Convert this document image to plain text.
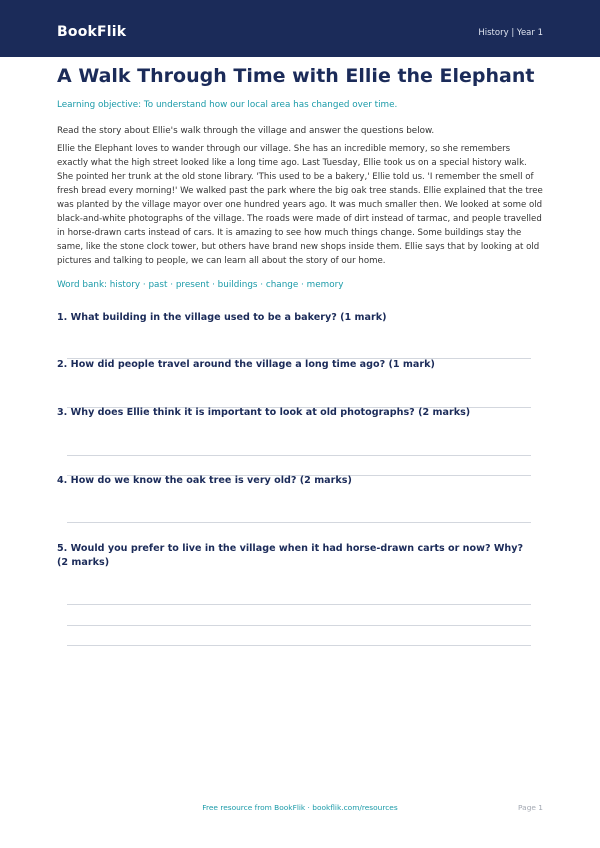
BookFlik	History | Year 1
A Walk Through Time with Ellie the Elephant
Learning objective: To understand how our local area has changed over time.
Read the story about Ellie's walk through the village and answer the questions below.
Ellie the Elephant loves to wander through our village. She has an incredible memory, so she remembers exactly what the high street looked like a long time ago. Last Tuesday, Ellie took us on a special history walk. She pointed her trunk at the old stone library. 'This used to be a bakery,' Ellie told us. 'I remember the smell of fresh bread every morning!' We walked past the park where the big oak tree stands. Ellie explained that the tree was planted by the village mayor over one hundred years ago. It was much smaller then. We looked at some old black-and-white photographs of the village. The roads were made of dirt instead of tarmac, and people travelled in horse-drawn carts instead of cars. It is amazing to see how much things change. Some buildings stay the same, like the stone clock tower, but others have brand new shops inside them. Ellie says that by looking at old pictures and talking to people, we can learn all about the story of our home.
Word bank: history · past · present · buildings · change · memory
1. What building in the village used to be a bakery? (1 mark)
2. How did people travel around the village a long time ago? (1 mark)
3. Why does Ellie think it is important to look at old photographs? (2 marks)
4. How do we know the oak tree is very old? (2 marks)
5. Would you prefer to live in the village when it had horse-drawn carts or now? Why? (2 marks)
Free resource from BookFlik · bookflik.com/resources	Page 1
